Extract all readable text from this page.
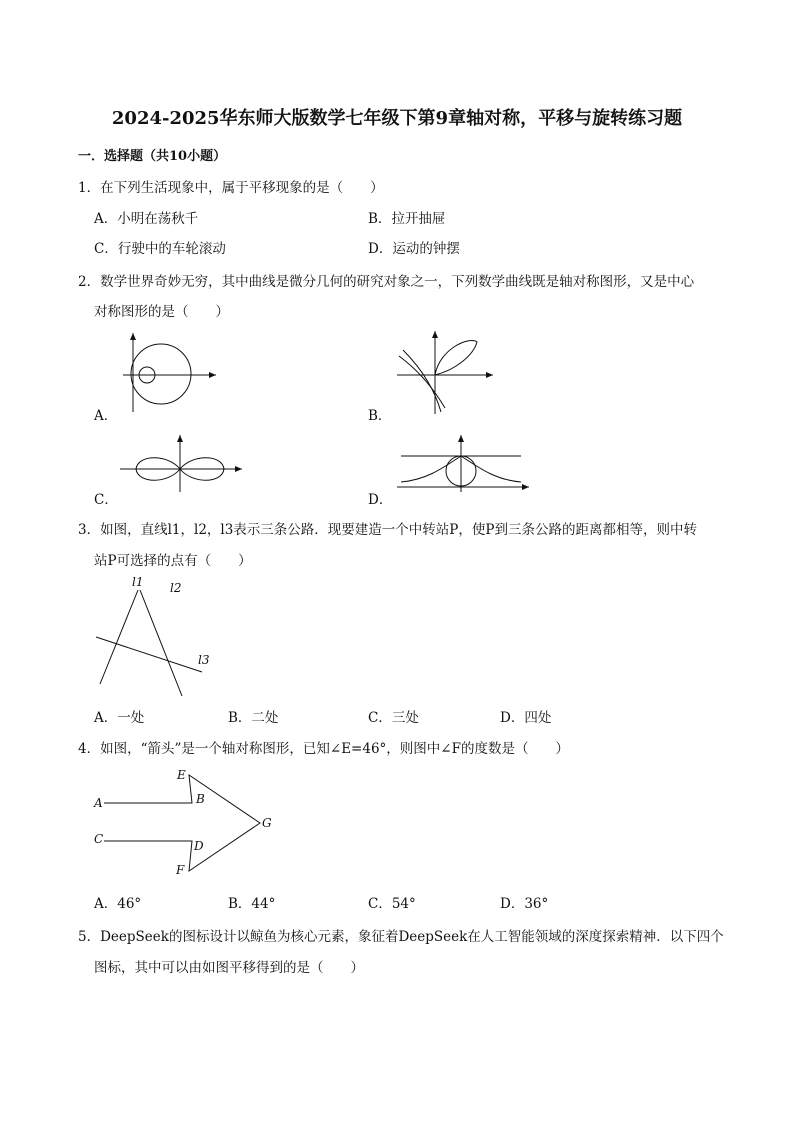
2024-2025华东师大版数学七年级下第9章轴对称，平移与旋转练习题
一．选择题（共10小题）
1．在下列生活现象中，属于平移现象的是（　　）
A．小明在荡秋千	B．拉开抽屉
C．行驶中的车轮滚动	D．运动的钟摆
2．数学世界奇妙无穷，其中曲线是微分几何的研究对象之一，下列数学曲线既是轴对称图形，又是中心
对称图形的是（　　）
A．	B．
C．	D．
3．如图，直线l1，l2，l3表示三条公路．现要建造一个中转站P，使P到三条公路的距离都相等，则中转
站P可选择的点有（　　）
l1 l2
l3
A．一处	B．二处	C．三处	D．四处
4．如图，“箭头”是一个轴对称图形，已知∠E=46°，则图中∠F的度数是（　　）
E
A	B
C
G
D
F
A．46°	B．44°	C．54°	D．36°
5．DeepSeek的图标设计以鲸鱼为核心元素，象征着DeepSeek在人工智能领域的深度探索精神．以下四个
图标，其中可以由如图平移得到的是（　　）
